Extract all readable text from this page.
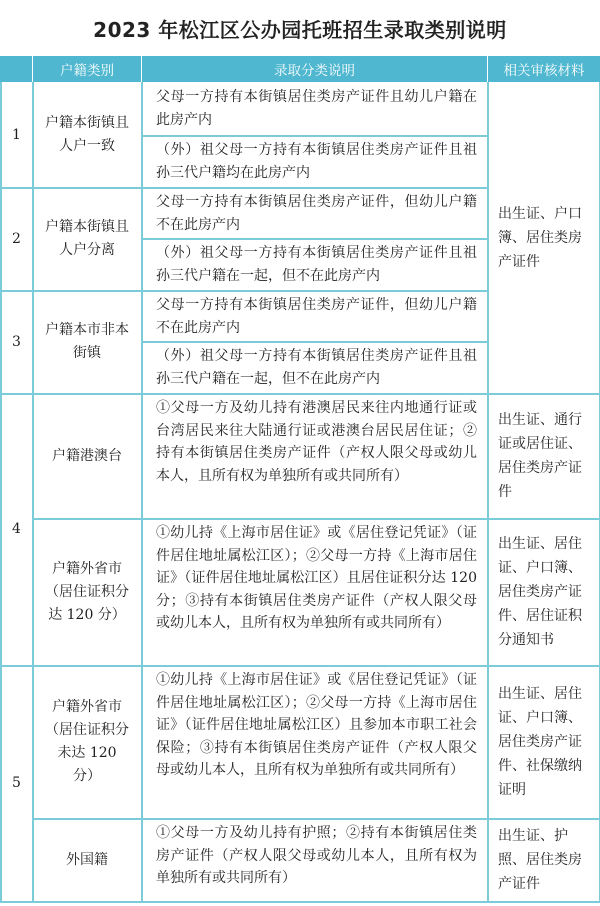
2023 年松江区公办园托班招生录取类别说明
户籍类别	录取分类说明	相关审核材料
1
户籍本街镇且人户一致
父母一方持有本街镇居住类房产证件且幼儿户籍在此房产内
（外）祖父母一方持有本街镇居住类房产证件且祖孙三代户籍均在此房产内
2
户籍本街镇且人户分离
父母一方持有本街镇居住类房产证件，但幼儿户籍不在此房产内
（外）祖父母一方持有本街镇居住类房产证件且祖孙三代户籍在一起，但不在此房产内
3
户籍本市非本街镇
父母一方持有本街镇居住类房产证件，但幼儿户籍不在此房产内
（外）祖父母一方持有本街镇居住类房产证件且祖孙三代户籍在一起，但不在此房产内
出生证、户口簿、居住类房产证件
4
户籍港澳台
①父母一方及幼儿持有港澳居民来往内地通行证或台湾居民来往大陆通行证或港澳台居民居住证；②持有本街镇居住类房产证件（产权人限父母或幼儿本人，且所有权为单独所有或共同所有）
出生证、通行证或居住证、居住类房产证件
户籍外省市（居住证积分达 120 分）
①幼儿持《上海市居住证》或《居住登记凭证》（证件居住地址属松江区）；②父母一方持《上海市居住证》（证件居住地址属松江区）且居住证积分达 120 分；③持有本街镇居住类房产证件（产权人限父母或幼儿本人，且所有权为单独所有或共同所有）
出生证、居住证、户口簿、居住类房产证件、居住证积分通知书
5
户籍外省市（居住证积分未达 120 分）
①幼儿持《上海市居住证》或《居住登记凭证》（证件居住地址属松江区）；②父母一方持《上海市居住证》（证件居住地址属松江区）且参加本市职工社会保险；③持有本街镇居住类房产证件（产权人限父母或幼儿本人，且所有权为单独所有或共同所有）
出生证、居住证、户口簿、居住类房产证件、社保缴纳证明
外国籍
①父母一方及幼儿持有护照；②持有本街镇居住类房产证件（产权人限父母或幼儿本人，且所有权为单独所有或共同所有）
出生证、护照、居住类房产证件
